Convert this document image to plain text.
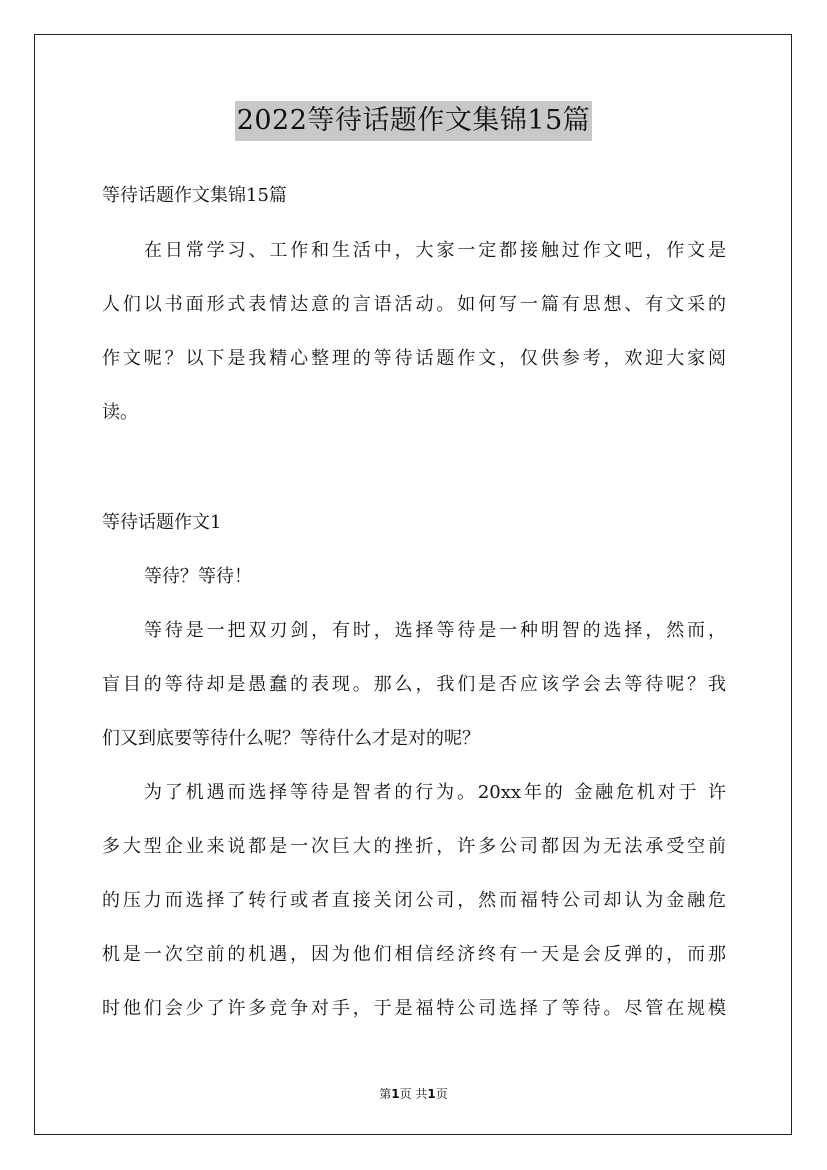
2022等待话题作文集锦15篇
等待话题作文集锦15篇
在日常学习、工作和生活中，大家一定都接触过作文吧，作文是
人们以书面形式表情达意的言语活动。如何写一篇有思想、有文采的
作文呢？以下是我精心整理的等待话题作文，仅供参考，欢迎大家阅
读。
等待话题作文1
等待？等待！
等待是一把双刃剑，有时，选择等待是一种明智的选择，然而，
盲目的等待却是愚蠢的表现。那么，我们是否应该学会去等待呢？我
们又到底要等待什么呢？等待什么才是对的呢？
为了机遇而选择等待是智者的行为。20xx年的 金融危机对于 许
多大型企业来说都是一次巨大的挫折，许多公司都因为无法承受空前
的压力而选择了转行或者直接关闭公司，然而福特公司却认为金融危
机是一次空前的机遇，因为他们相信经济终有一天是会反弹的，而那
时他们会少了许多竞争对手，于是福特公司选择了等待。尽管在规模
第1页 共1页
